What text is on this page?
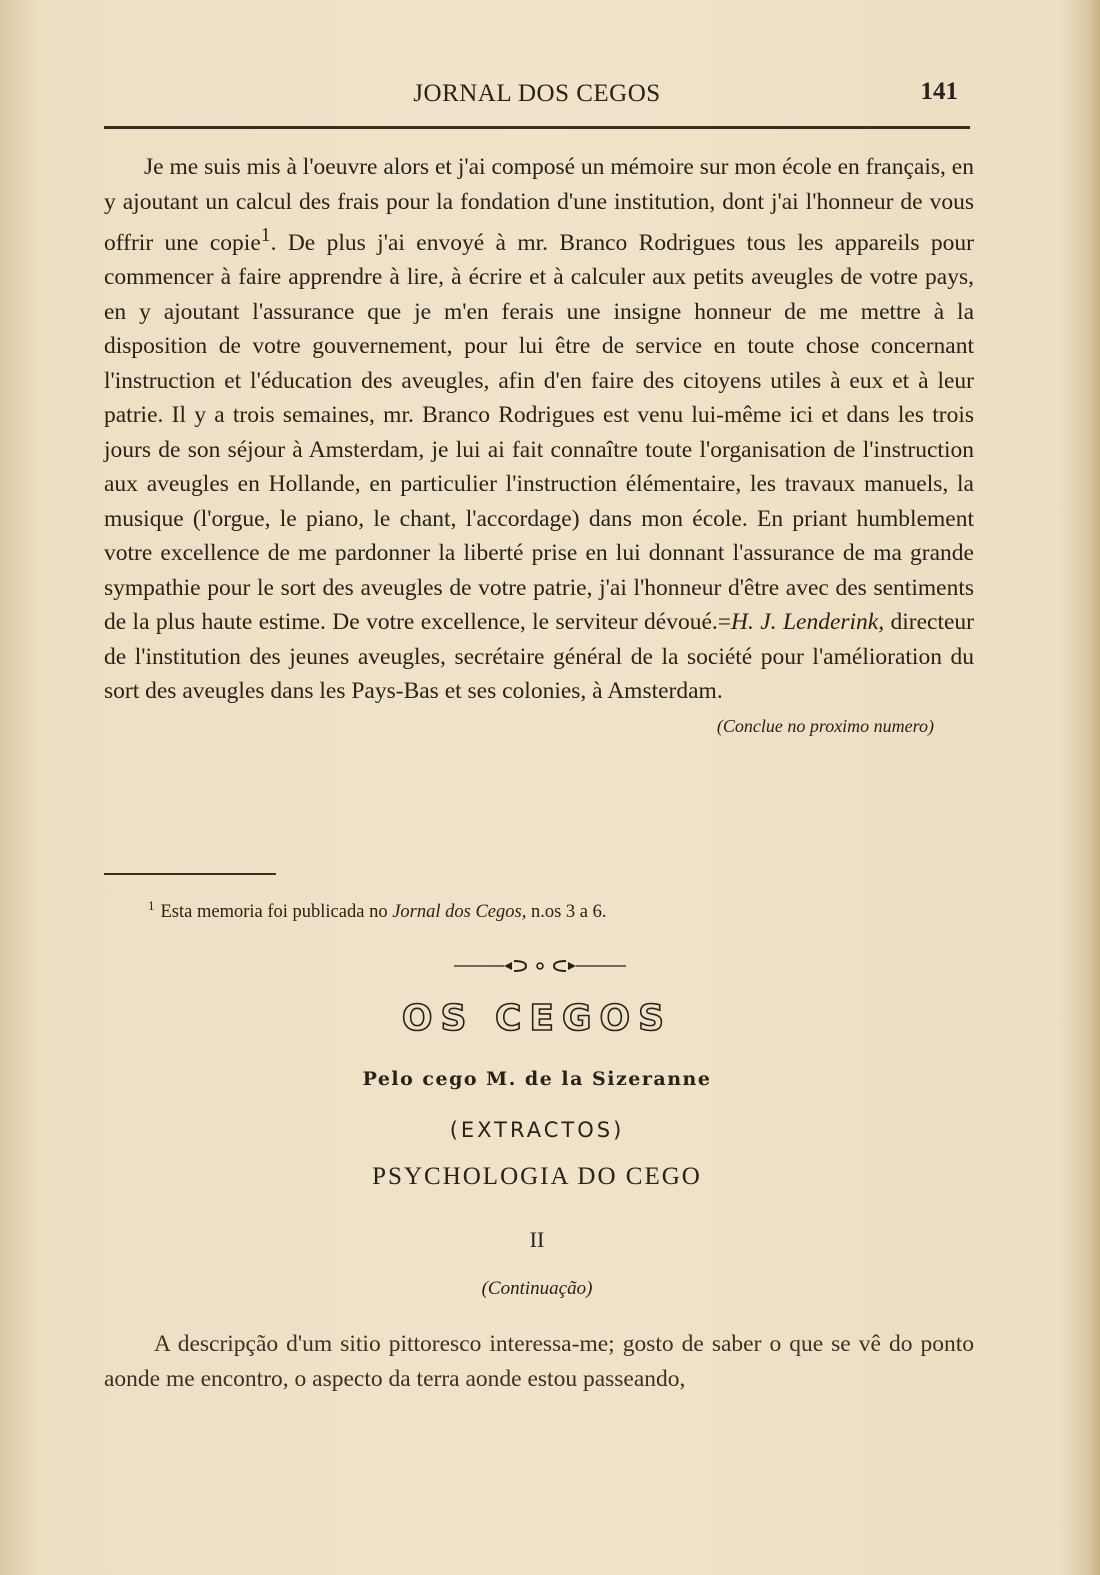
JORNAL DOS CEGOS	141

Je me suis mis à l'oeuvre alors et j'ai composé un mémoire sur mon école en français, en y ajoutant un calcul des frais pour la fondation d'une institution, dont j'ai l'honneur de vous offrir une copie$^1$. De plus j'ai envoyé à mr. Branco Rodrigues tous les appareils pour commencer à faire apprendre à lire, à écrire et à calculer aux petits aveugles de votre pays, en y ajoutant l'assurance que je m'en ferais une insigne honneur de me mettre à la disposition de votre gouvernement, pour lui être de service en toute chose concernant l'instruction et l'éducation des aveugles, afin d'en faire des citoyens utiles à eux et à leur patrie. Il y a trois semaines, mr. Branco Rodrigues est venu lui-même ici et dans les trois jours de son séjour à Amsterdam, je lui ai fait connaître toute l'organisation de l'instruction aux aveugles en Hollande, en particulier l'instruction élémentaire, les travaux manuels, la musique (l'orgue, le piano, le chant, l'accordage) dans mon école. En priant humblement votre excellence de me pardonner la liberté prise en lui donnant l'assurance de ma grande sympathie pour le sort des aveugles de votre patrie, j'ai l'honneur d'être avec des sentiments de la plus haute estime. De votre excellence, le serviteur dévoué.=H. J. Lenderink, directeur de l'institution des jeunes aveugles, secrétaire général de la société pour l'amélioration du sort des aveugles dans les Pays-Bas et ses colonies, à Amsterdam.
(Conclue no proximo numero)

$^1$ Esta memoria foi publicada no Jornal dos Cegos, n.os 3 a 6.
OS CEGOS
Pelo cego M. de la Sizeranne
(EXTRACTOS)
PSYCHOLOGIA DO CEGO
II
(Continuação)

A descripção d'um sitio pittoresco interessa-me; gosto de saber o que se vê do ponto aonde me encontro, o aspecto da terra aonde estou passeando,
